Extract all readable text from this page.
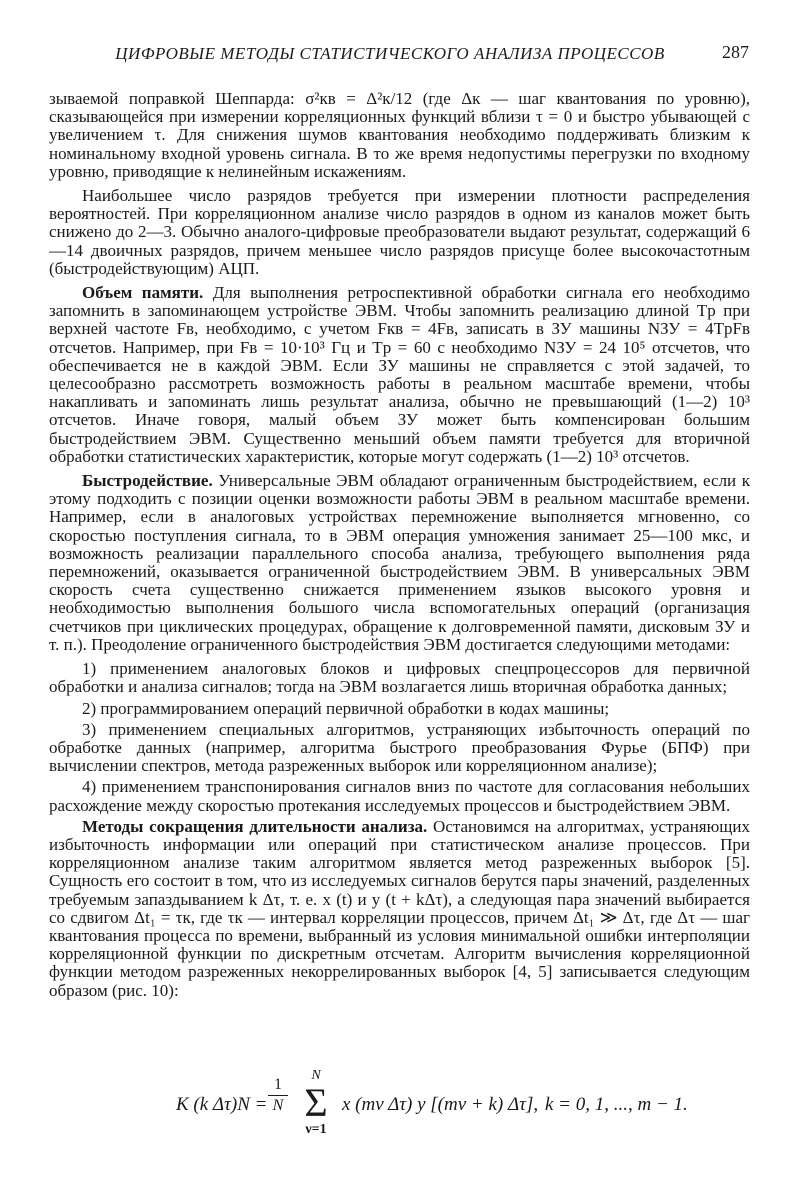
ЦИФРОВЫЕ МЕТОДЫ СТАТИСТИЧЕСКОГО АНАЛИЗА ПРОЦЕССОВ	287

зываемой поправкой Шеппарда: σ²кв = Δ²к/12 (где Δк — шаг квантования по уровню), сказывающейся при измерении корреляционных функций вблизи τ = 0 и быстро убывающей с увеличением τ. Для снижения шумов квантования необходимо поддерживать близким к номинальному входной уровень сигнала. В то же время недопустимы перегрузки по входному уровню, приводящие к нелинейным искажениям.

Наибольшее число разрядов требуется при измерении плотности распределения вероятностей. При корреляционном анализе число разрядов в одном из каналов может быть снижено до 2—3. Обычно аналого-цифровые преобразователи выдают результат, содержащий 6—14 двоичных разрядов, причем меньшее число разрядов присуще более высокочастотным (быстродействующим) АЦП.

Объем памяти. Для выполнения ретроспективной обработки сигнала его необходимо запомнить в запоминающем устройстве ЭВМ. Чтобы запомнить реализацию длиной Tр при верхней частоте Fв, необходимо, с учетом Fкв = 4Fв, записать в ЗУ машины NЗУ = 4TрFв отсчетов. Например, при Fв = 10·10³ Гц и Tр = 60 с необходимо NЗУ = 24 10⁵ отсчетов, что обеспечивается не в каждой ЭВМ. Если ЗУ машины не справляется с этой задачей, то целесообразно рассмотреть возможность работы в реальном масштабе времени, чтобы накапливать и запоминать лишь результат анализа, обычно не превышающий (1—2) 10³ отсчетов. Иначе говоря, малый объем ЗУ может быть компенсирован большим быстродействием ЭВМ. Существенно меньший объем памяти требуется для вторичной обработки статистических характеристик, которые могут содержать (1—2) 10³ отсчетов.

Быстродействие. Универсальные ЭВМ обладают ограниченным быстродействием, если к этому подходить с позиции оценки возможности работы ЭВМ в реальном масштабе времени. Например, если в аналоговых устройствах перемножение выполняется мгновенно, со скоростью поступления сигнала, то в ЭВМ операция умножения занимает 25—100 мкс, и возможность реализации параллельного способа анализа, требующего выполнения ряда перемножений, оказывается ограниченной быстродействием ЭВМ. В универсальных ЭВМ скорость счета существенно снижается применением языков высокого уровня и необходимостью выполнения большого числа вспомогательных операций (организация счетчиков при циклических процедурах, обращение к долговременной памяти, дисковым ЗУ и т. п.). Преодоление ограниченного быстродействия ЭВМ достигается следующими методами:

1) применением аналоговых блоков и цифровых спецпроцессоров для первичной обработки и анализа сигналов; тогда на ЭВМ возлагается лишь вторичная обработка данных;

2) программированием операций первичной обработки в кодах машины;

3) применением специальных алгоритмов, устраняющих избыточность операций по обработке данных (например, алгоритма быстрого преобразования Фурье (БПФ) при вычислении спектров, метода разреженных выборок или корреляционном анализе);

4) применением транспонирования сигналов вниз по частоте для согласования небольших расхождение между скоростью протекания исследуемых процессов и быстродействием ЭВМ.

Методы сокращения длительности анализа. Остановимся на алгоритмах, устраняющих избыточность информации или операций при статистическом анализе процессов. При корреляционном анализе таким алгоритмом является метод разреженных выборок [5]. Сущность его состоит в том, что из исследуемых сигналов берутся пары значений, разделенных требуемым запаздыванием k Δτ, т. е. x (t) и y (t + kΔτ), а следующая пара значений выбирается со сдвигом Δt₁ = τк, где τк — интервал корреляции процессов, причем Δt₁ ≫ Δτ, где Δτ — шаг квантования процесса по времени, выбранный из условия минимальной ошибки интерполяции корреляционной функции по дискретным отсчетам. Алгоритм вычисления корреляционной функции методом разреженных некоррелированных выборок [4, 5] записывается следующим образом (рис. 10):

K (k Δτ)N =
1
N
N
Σ
ν=1
x (mν Δτ) y [(mν + k) Δτ], k = 0, 1, ..., m − 1.
